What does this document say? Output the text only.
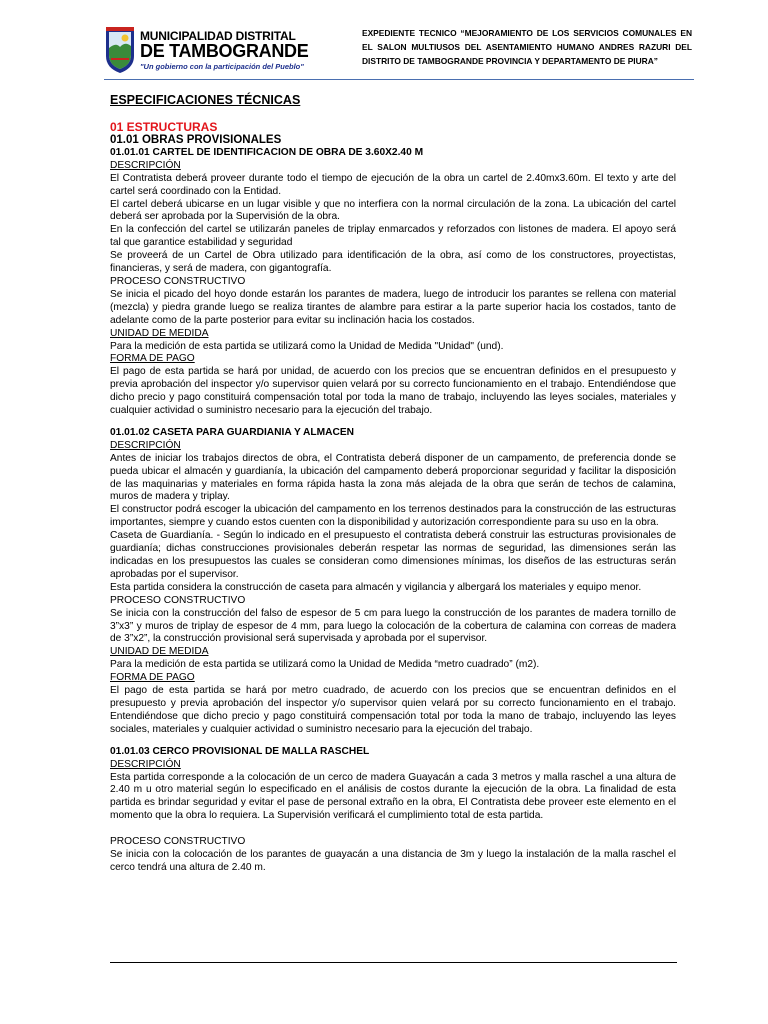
MUNICIPALIDAD DISTRITAL
DE TAMBOGRANDE
"Un gobierno con la participación del Pueblo"
EXPEDIENTE TECNICO “MEJORAMIENTO DE LOS SERVICIOS COMUNALES EN EL SALON MULTIUSOS DEL ASENTAMIENTO HUMANO ANDRES RAZURI DEL DISTRITO DE TAMBOGRANDE PROVINCIA Y DEPARTAMENTO DE PIURA”

ESPECIFICACIONES TÉCNICAS

01 ESTRUCTURAS

01.01 OBRAS PROVISIONALES

01.01.01 CARTEL DE IDENTIFICACION DE OBRA DE 3.60X2.40 M

DESCRIPCIÓN

El Contratista deberá proveer durante todo el tiempo de ejecución de la obra un cartel de 2.40mx3.60m. El texto y arte del cartel será coordinado con la Entidad.

El cartel deberá ubicarse en un lugar visible y que no interfiera con la normal circulación de la zona. La ubicación del cartel deberá ser aprobada por la Supervisión de la obra.

En la confección del cartel se utilizarán paneles de triplay enmarcados y reforzados con listones de madera. El apoyo será tal que garantice estabilidad y seguridad

Se proveerá de un Cartel de Obra utilizado para identificación de la obra, así como de los constructores, proyectistas, financieras, y será de madera, con gigantografía.

PROCESO CONSTRUCTIVO

Se inicia el picado del hoyo donde estarán los parantes de madera, luego de introducir los parantes se rellena con material (mezcla) y piedra grande luego se realiza tirantes de alambre para estirar a la parte superior hacia los costados, tanto de adelante como de la parte posterior para evitar su inclinación hacia los costados.

UNIDAD DE MEDIDA

Para la medición de esta partida se utilizará como la Unidad de Medida "Unidad" (und).

FORMA DE PAGO

El pago de esta partida se hará por unidad, de acuerdo con los precios que se encuentran definidos en el presupuesto y previa aprobación del inspector y/o supervisor quien velará por su correcto funcionamiento en el trabajo. Entendiéndose que dicho precio y pago constituirá compensación total por toda la mano de trabajo, incluyendo las leyes sociales, materiales y cualquier actividad o suministro necesario para la ejecución del trabajo.

01.01.02 CASETA PARA GUARDIANIA Y ALMACEN

DESCRIPCIÓN

Antes de iniciar los trabajos directos de obra, el Contratista deberá disponer de un campamento, de preferencia donde se pueda ubicar el almacén y guardianía, la ubicación del campamento deberá proporcionar seguridad y facilitar la disposición de las maquinarias y materiales en forma rápida hasta la zona más alejada de la obra que serán de techos de calamina, muros de madera y triplay.

El constructor podrá escoger la ubicación del campamento en los terrenos destinados para la construcción de las estructuras importantes, siempre y cuando estos cuenten con la disponibilidad y autorización correspondiente para su uso en la obra.

Caseta de Guardianía. - Según lo indicado en el presupuesto el contratista deberá construir las estructuras provisionales de guardianía; dichas construcciones provisionales deberán respetar las normas de seguridad, las dimensiones serán las indicadas en los presupuestos las cuales se consideran como dimensiones mínimas, los diseños de las estructuras serán aprobadas por el supervisor.

Esta partida considera la construcción de caseta para almacén y vigilancia y albergará los materiales y equipo menor.

PROCESO CONSTRUCTIVO

Se inicia con la construcción del falso de espesor de 5 cm para luego la construcción de los parantes de madera tornillo de 3”x3” y muros de triplay de espesor de 4 mm, para luego la colocación de la cobertura de calamina con correas de madera de 3”x2”, la construcción provisional será supervisada y aprobada por el supervisor.

UNIDAD DE MEDIDA

Para la medición de esta partida se utilizará como la Unidad de Medida “metro cuadrado” (m2).

FORMA DE PAGO

El pago de esta partida se hará por metro cuadrado, de acuerdo con los precios que se encuentran definidos en el presupuesto y previa aprobación del inspector y/o supervisor quien velará por su correcto funcionamiento en el trabajo. Entendiéndose que dicho precio y pago constituirá compensación total por toda la mano de trabajo, incluyendo las leyes sociales, materiales y cualquier actividad o suministro necesario para la ejecución del trabajo.

01.01.03 CERCO PROVISIONAL DE MALLA RASCHEL

DESCRIPCIÓN

Esta partida corresponde a la colocación de un cerco de madera Guayacán a cada 3 metros y malla raschel a una altura de 2.40 m u otro material según lo especificado en el análisis de costos durante la ejecución de la obra. La finalidad de esta partida es brindar seguridad y evitar el pase de personal extraño en la obra, El Contratista debe proveer este elemento en el momento que la obra lo requiera. La Supervisión verificará el cumplimiento total de esta partida.

PROCESO CONSTRUCTIVO

Se inicia con la colocación de los parantes de guayacán a una distancia de 3m y luego la instalación de la malla raschel el cerco tendrá una altura de 2.40 m.
